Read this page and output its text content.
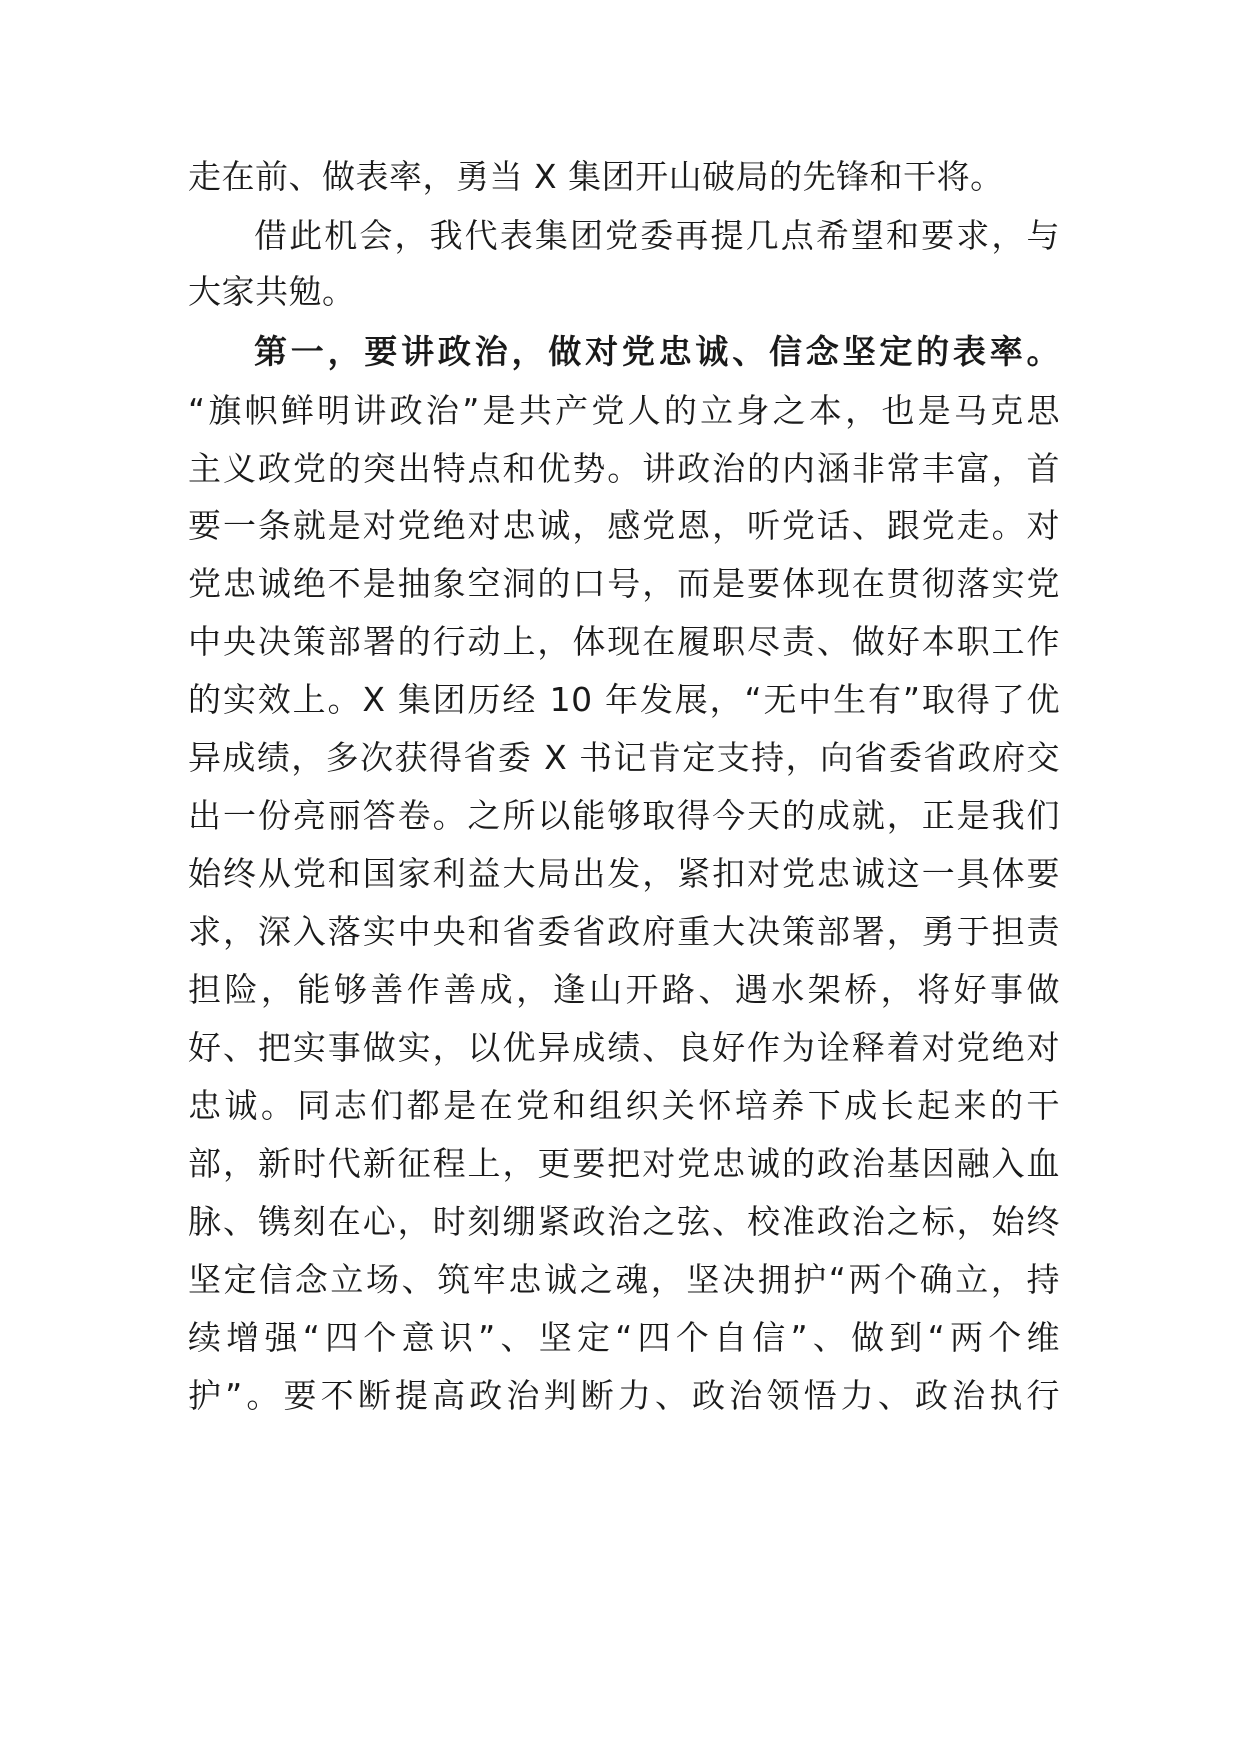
走在前、做表率，勇当 X 集团开山破局的先锋和干将。
借此机会，我代表集团党委再提几点希望和要求，与
大家共勉。
第一，要讲政治，做对党忠诚、信念坚定的表率。
“旗帜鲜明讲政治”是共产党人的立身之本，也是马克思
主义政党的突出特点和优势。讲政治的内涵非常丰富，首
要一条就是对党绝对忠诚，感党恩，听党话、跟党走。对
党忠诚绝不是抽象空洞的口号，而是要体现在贯彻落实党
中央决策部署的行动上，体现在履职尽责、做好本职工作
的实效上。X 集团历经 10 年发展，“无中生有”取得了优
异成绩，多次获得省委 X 书记肯定支持，向省委省政府交
出一份亮丽答卷。之所以能够取得今天的成就，正是我们
始终从党和国家利益大局出发，紧扣对党忠诚这一具体要
求，深入落实中央和省委省政府重大决策部署，勇于担责
担险，能够善作善成，逢山开路、遇水架桥，将好事做
好、把实事做实，以优异成绩、良好作为诠释着对党绝对
忠诚。同志们都是在党和组织关怀培养下成长起来的干
部，新时代新征程上，更要把对党忠诚的政治基因融入血
脉、镌刻在心，时刻绷紧政治之弦、校准政治之标，始终
坚定信念立场、筑牢忠诚之魂，坚决拥护“两个确立，持
续增强“四个意识”、坚定“四个自信”、做到“两个维
护”。要不断提高政治判断力、政治领悟力、政治执行
